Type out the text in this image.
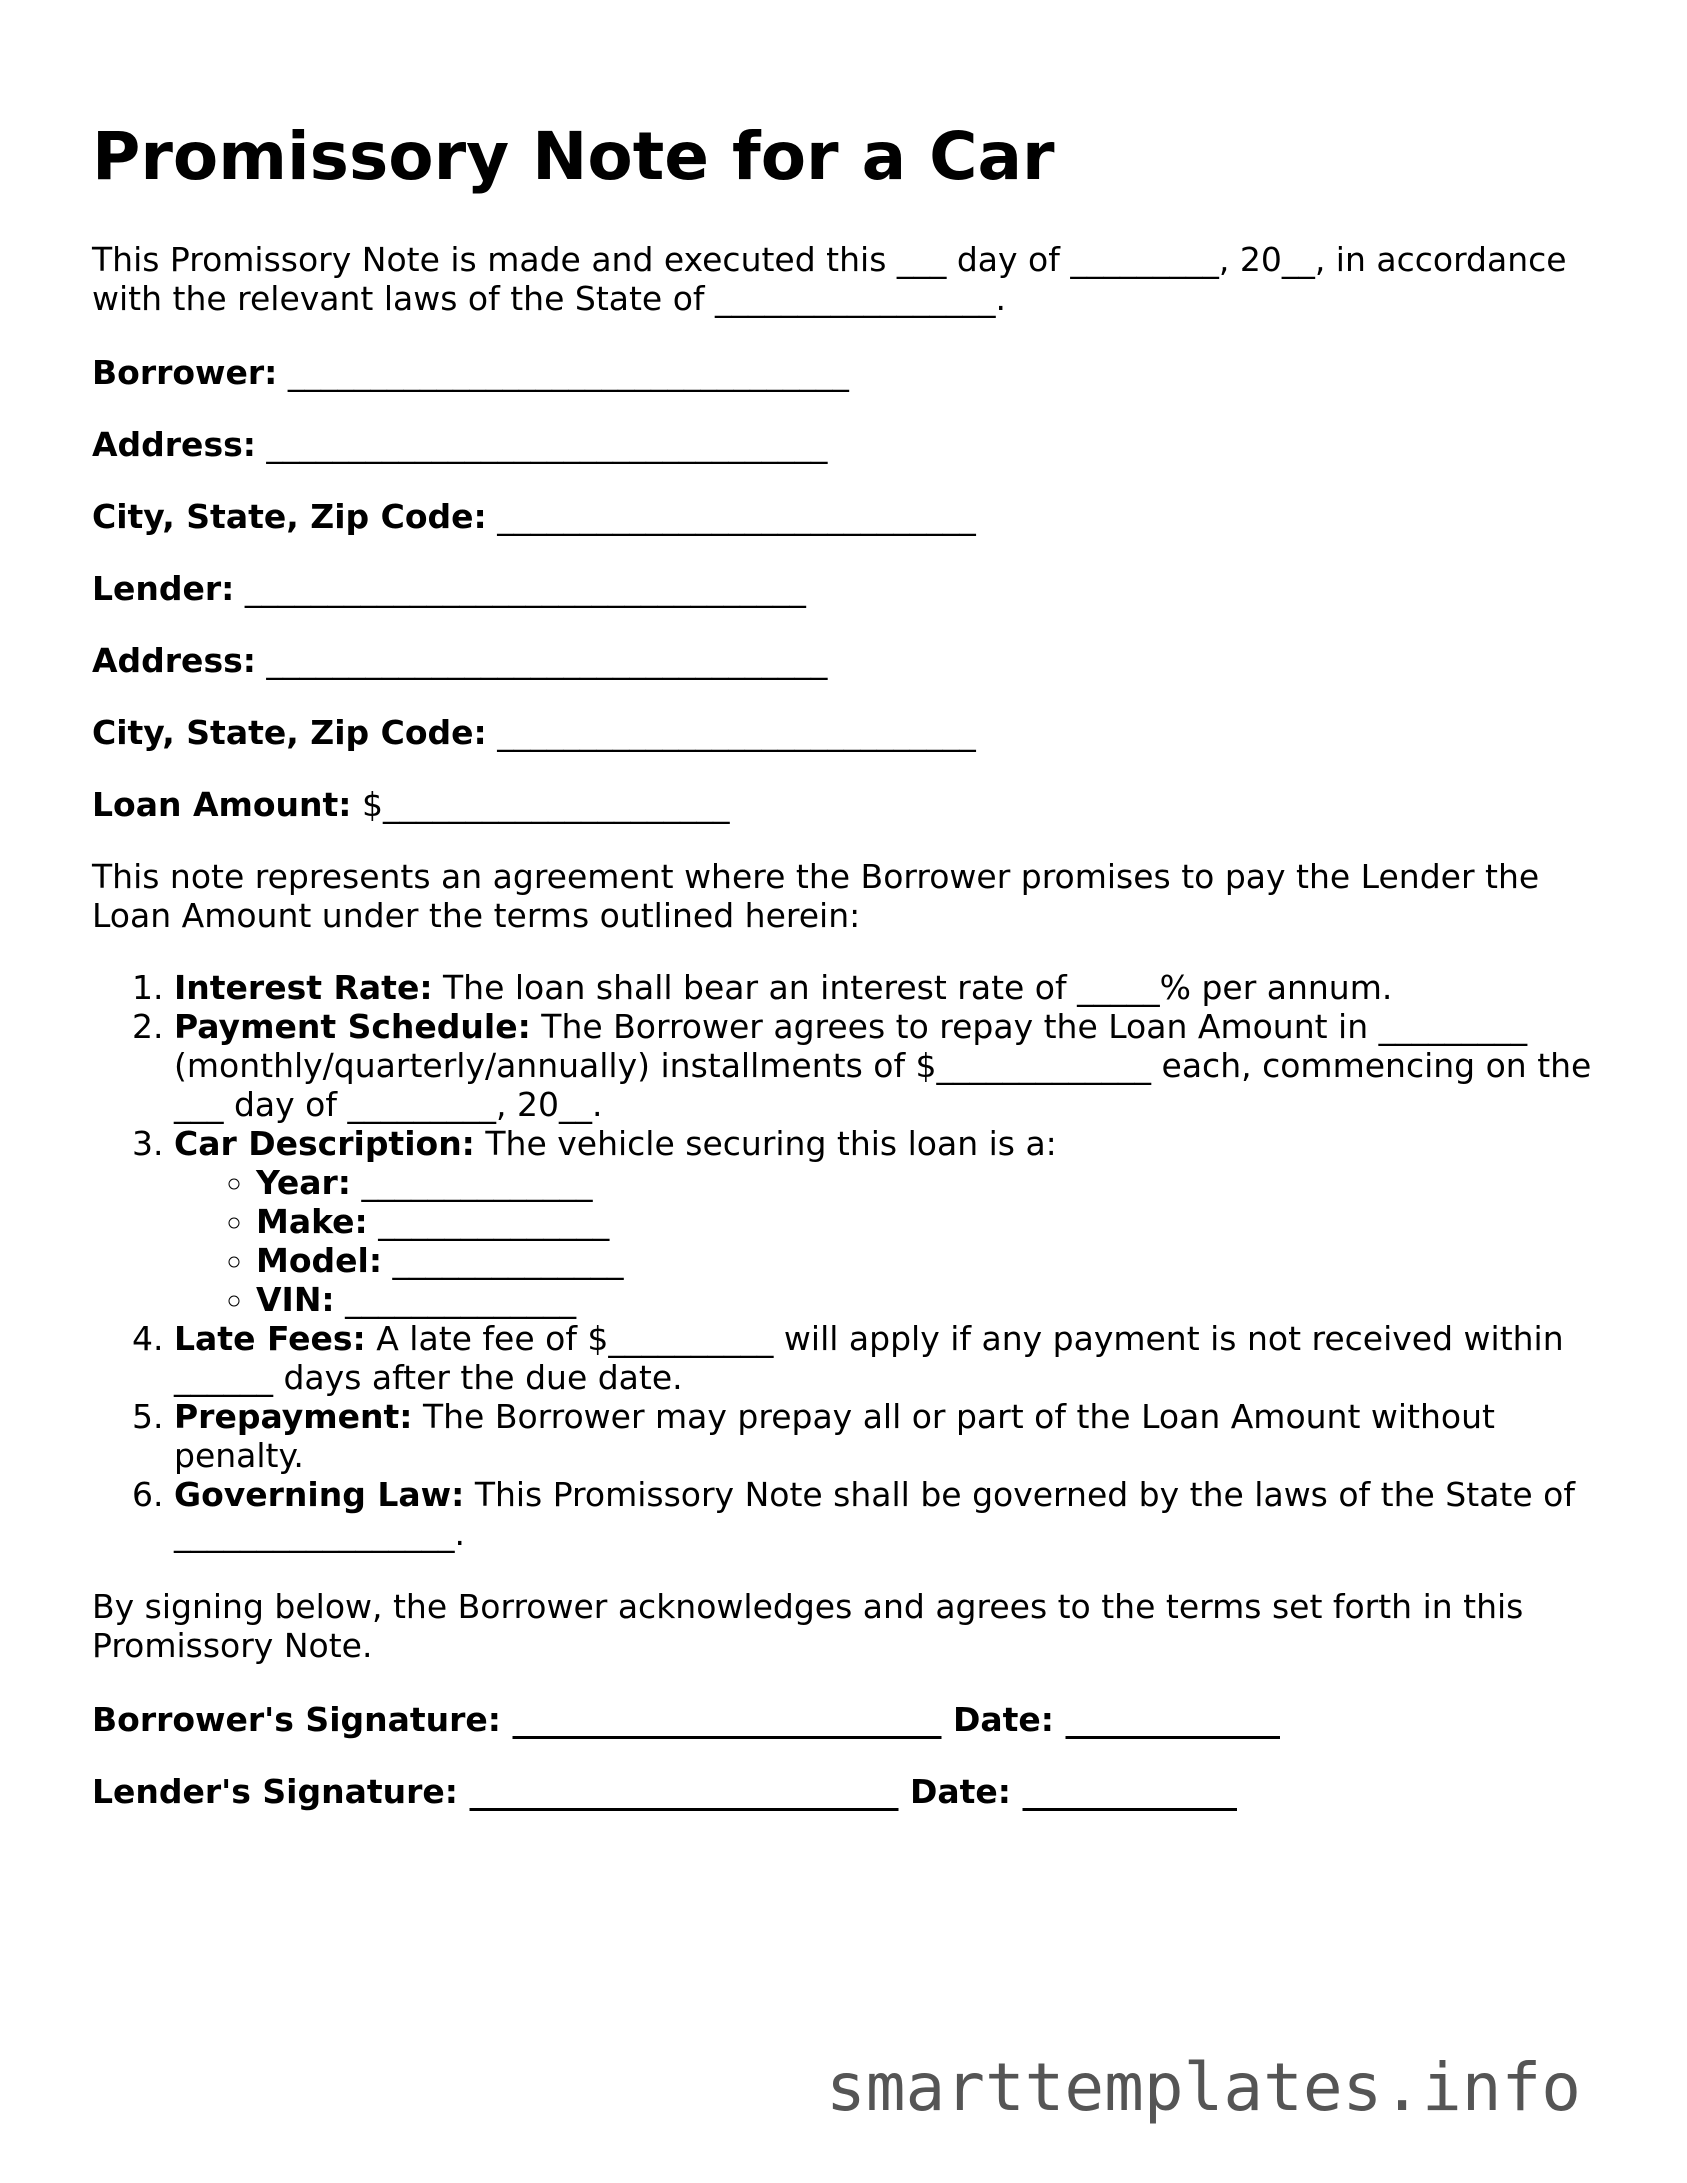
Promissory Note for a Car

This Promissory Note is made and executed this ___ day of _________, 20__, in accordance with the relevant laws of the State of _________________.

Borrower: __________________________________

Address: __________________________________

City, State, Zip Code: _____________________________

Lender: __________________________________

Address: __________________________________

City, State, Zip Code: _____________________________

Loan Amount: $_____________________

This note represents an agreement where the Borrower promises to pay the Lender the Loan Amount under the terms outlined herein:

1. Interest Rate: The loan shall bear an interest rate of _____% per annum.
2. Payment Schedule: The Borrower agrees to repay the Loan Amount in _________ (monthly/quarterly/annually) installments of $_____________ each, commencing on the ___ day of _________, 20__.
3. Car Description: The vehicle securing this loan is a:
◦ Year: ______________
◦ Make: ______________
◦ Model: ______________
◦ VIN: ______________
4. Late Fees: A late fee of $__________ will apply if any payment is not received within ______ days after the due date.
5. Prepayment: The Borrower may prepay all or part of the Loan Amount without penalty.
6. Governing Law: This Promissory Note shall be governed by the laws of the State of _________________.

By signing below, the Borrower acknowledges and agrees to the terms set forth in this Promissory Note.

Borrower's Signature: __________________________ Date: _____________

Lender's Signature: __________________________ Date: _____________

smarttemplates.info
